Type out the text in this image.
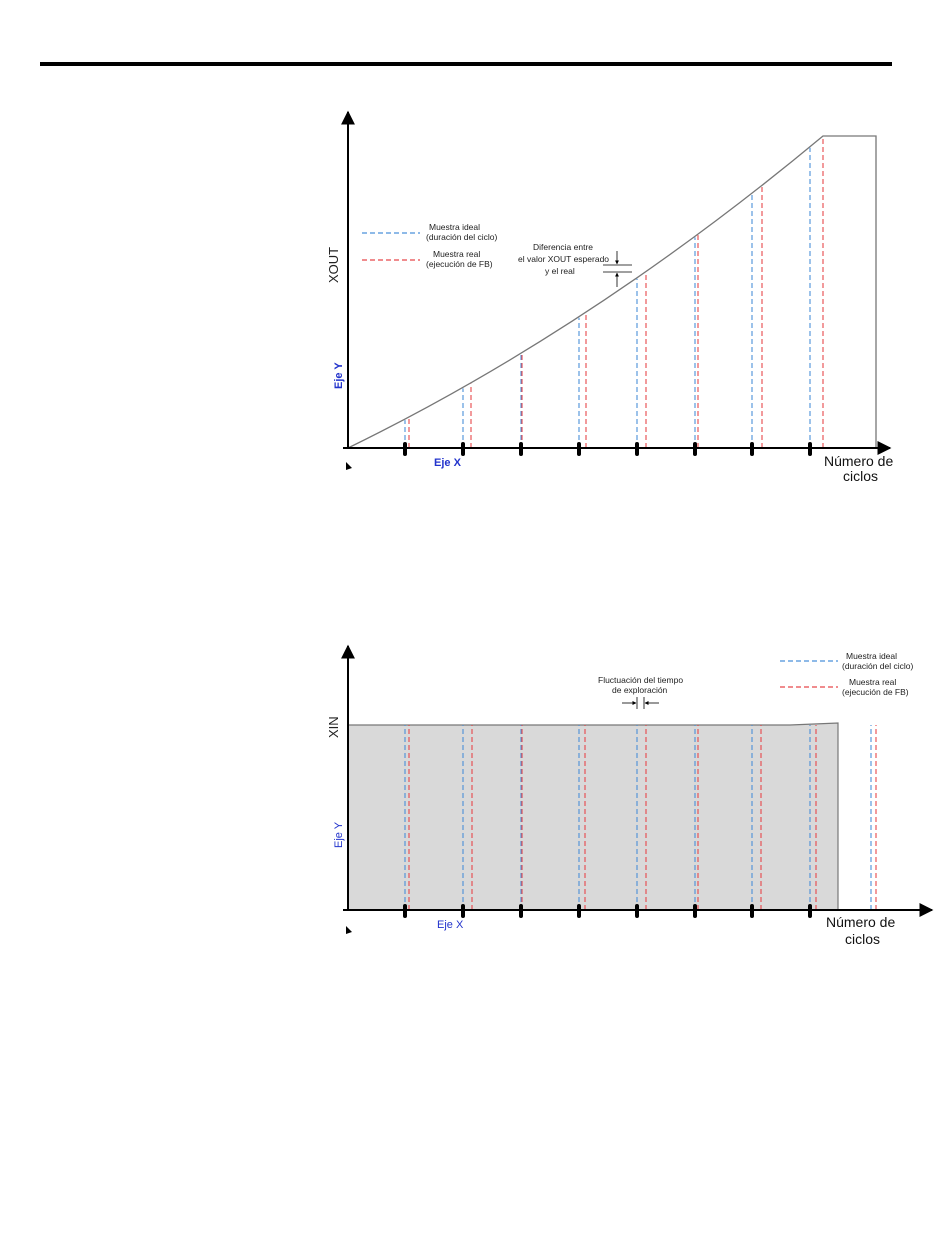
XOUT
Eje Y
Eje X	Número de
ciclos
Muestra ideal
(duración del ciclo)
Muestra real
(ejecución de FB)
Diferencia entre
el valor XOUT esperado
y el real
XIN
Eje Y
Eje X	Número de
ciclos
Muestra ideal
(duración del ciclo)
Muestra real
(ejecución de FB)
Fluctuación del tiempo
de exploración
